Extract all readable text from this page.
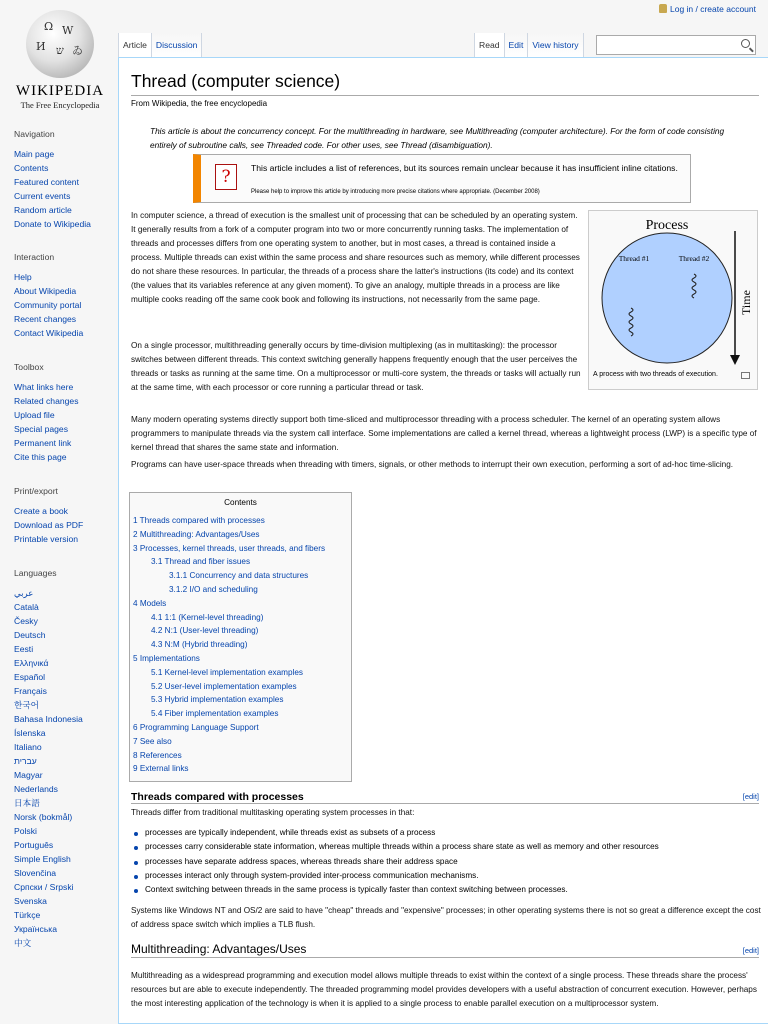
Ω W
И ש ゐ
WIKIPEDIA
The Free Encyclopedia
Navigation
Main page
Contents
Featured content
Current events
Random article
Donate to Wikipedia
Interaction
Help
About Wikipedia
Community portal
Recent changes
Contact Wikipedia
Toolbox
What links here
Related changes
Upload file
Special pages
Permanent link
Cite this page
Print/export
Create a book
Download as PDF
Printable version
Languages
عربي
Català
Česky
Deutsch
Eesti
Ελληνικά
Español
Français
한국어
Bahasa Indonesia
Íslenska
Italiano
עברית
Magyar
Nederlands
日本語
Norsk (bokmål)
Polski
Português
Simple English
Slovenčina
Српски / Srpski
Svenska
Türkçe
Українська
中文
Log in / create account
Article	Discussion	Read	Edit	View history
Thread (computer science)
From Wikipedia, the free encyclopedia
This article is about the concurrency concept. For the multithreading in hardware, see Multithreading (computer architecture). For the form of code consisting entirely of subroutine calls, see Threaded code. For other uses, see Thread (disambiguation).
?	This article includes a list of references, but its sources remain unclear because it has insufficient inline citations.
Please help to improve this article by introducing more precise citations where appropriate. (December 2008)
In computer science, a thread of execution is the smallest unit of processing that can be scheduled by an operating system. It generally results from a fork of a computer program into two or more concurrently running tasks. The implementation of threads and processes differs from one operating system to another, but in most cases, a thread is contained inside a process. Multiple threads can exist within the same process and share resources such as memory, while different processes do not share these resources. In particular, the threads of a process share the latter's instructions (its code) and its context (the values that its variables reference at any given moment). To give an analogy, multiple threads in a process are like multiple cooks reading off the same cook book and following its instructions, not necessarily from the same page.
On a single processor, multithreading generally occurs by time-division multiplexing (as in multitasking): the processor switches between different threads. This context switching generally happens frequently enough that the user perceives the threads or tasks as running at the same time. On a multiprocessor or multi-core system, the threads or tasks will actually run at the same time, with each processor or core running a particular thread or task.
Process
Thread #1	Thread #2
Time
A process with two threads of execution.
Many modern operating systems directly support both time-sliced and multiprocessor threading with a process scheduler. The kernel of an operating system allows programmers to manipulate threads via the system call interface. Some implementations are called a kernel thread, whereas a lightweight process (LWP) is a specific type of kernel thread that shares the same state and information.
Programs can have user-space threads when threading with timers, signals, or other methods to interrupt their own execution, performing a sort of ad-hoc time-slicing.
Contents
1 Threads compared with processes
2 Multithreading: Advantages/Uses
3 Processes, kernel threads, user threads, and fibers
3.1 Thread and fiber issues
3.1.1 Concurrency and data structures
3.1.2 I/O and scheduling
4 Models
4.1 1:1 (Kernel-level threading)
4.2 N:1 (User-level threading)
4.3 N:M (Hybrid threading)
5 Implementations
5.1 Kernel-level implementation examples
5.2 User-level implementation examples
5.3 Hybrid implementation examples
5.4 Fiber implementation examples
6 Programming Language Support
7 See also
8 References
9 External links
Threads compared with processes	[edit]
Threads differ from traditional multitasking operating system processes in that:
processes are typically independent, while threads exist as subsets of a process
processes carry considerable state information, whereas multiple threads within a process share state as well as memory and other resources
processes have separate address spaces, whereas threads share their address space
processes interact only through system-provided inter-process communication mechanisms.
Context switching between threads in the same process is typically faster than context switching between processes.
Systems like Windows NT and OS/2 are said to have "cheap" threads and "expensive" processes; in other operating systems there is not so great a difference except the cost of address space switch which implies a TLB flush.
Multithreading: Advantages/Uses	[edit]
Multithreading as a widespread programming and execution model allows multiple threads to exist within the context of a single process. These threads share the process' resources but are able to execute independently. The threaded programming model provides developers with a useful abstraction of concurrent execution. However, perhaps the most interesting application of the technology is when it is applied to a single process to enable parallel execution on a multiprocessor system.
